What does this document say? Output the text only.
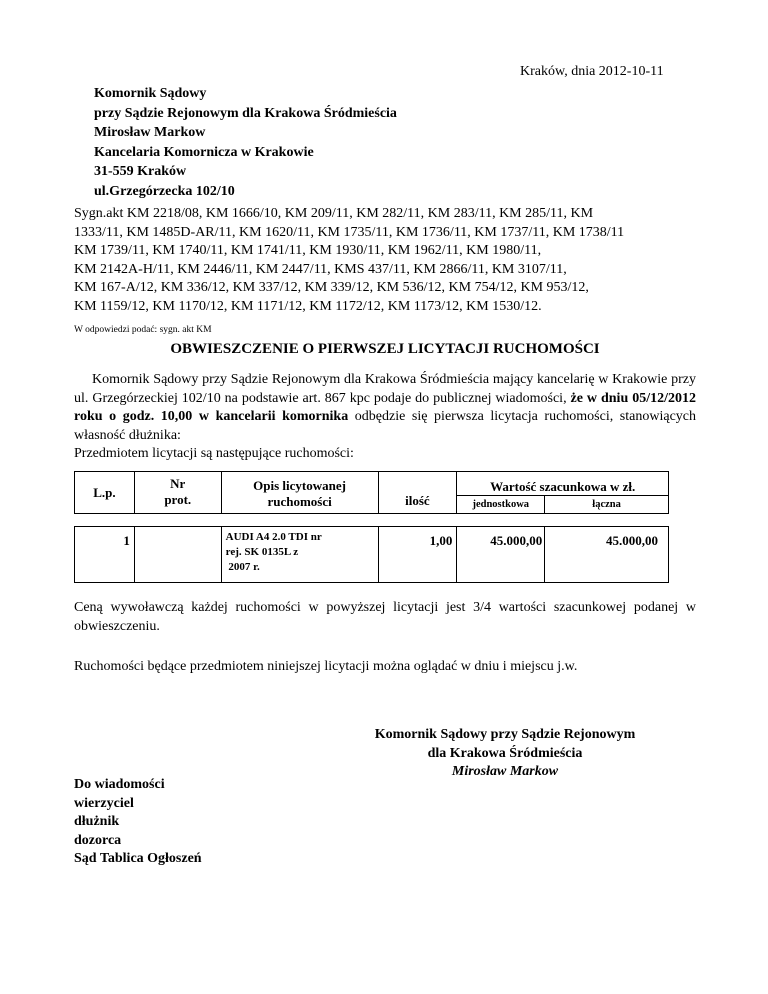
Kraków, dnia 2012-10-11
Komornik Sądowy
przy Sądzie Rejonowym dla Krakowa Śródmieścia
Mirosław Markow
Kancelaria Komornicza w Krakowie
31-559 Kraków
ul.Grzegórzecka 102/10
Sygn.akt KM 2218/08, KM 1666/10, KM 209/11, KM 282/11, KM 283/11, KM 285/11, KM
1333/11, KM 1485D-AR/11, KM 1620/11, KM 1735/11, KM 1736/11, KM 1737/11, KM 1738/11
KM 1739/11, KM 1740/11, KM 1741/11, KM 1930/11, KM 1962/11, KM 1980/11,
KM 2142A-H/11, KM 2446/11, KM 2447/11, KMS 437/11, KM 2866/11, KM 3107/11,
KM 167-A/12, KM 336/12, KM 337/12, KM 339/12, KM 536/12, KM 754/12, KM 953/12,
KM 1159/12, KM 1170/12, KM 1171/12, KM 1172/12, KM 1173/12, KM 1530/12.
W odpowiedzi podać: sygn. akt KM
OBWIESZCZENIE O PIERWSZEJ LICYTACJI RUCHOMOŚCI
Komornik Sądowy przy Sądzie Rejonowym dla Krakowa Śródmieścia mający kancelarię w Krakowie przy ul. Grzegórzeckiej 102/10 na podstawie art. 867 kpc podaje do publicznej wiadomości, że w dniu 05/12/2012 roku o godz. 10,00 w kancelarii komornika odbędzie się pierwsza licytacja ruchomości, stanowiących własność dłużnika:
Przedmiotem licytacji są następujące ruchomości:
L.p.	Nr prot.	Opis licytowanej ruchomości	ilość	Wartość szacunkowa w zł.	
				jednostkowa	łączna

1		AUDI A4 2.0 TDI nr
rej. SK 0135L z
2007 r.	1,00	45.000,00	45.000,00
Ceną wywoławczą każdej ruchomości w powyższej licytacji jest 3/4 wartości szacunkowej podanej w obwieszczeniu.
Ruchomości będące przedmiotem niniejszej licytacji można oglądać w dniu i miejscu j.w.
Komornik Sądowy przy Sądzie Rejonowym
dla Krakowa Śródmieścia
Mirosław Markow
Do wiadomości
wierzyciel
dłużnik
dozorca
Sąd Tablica Ogłoszeń
